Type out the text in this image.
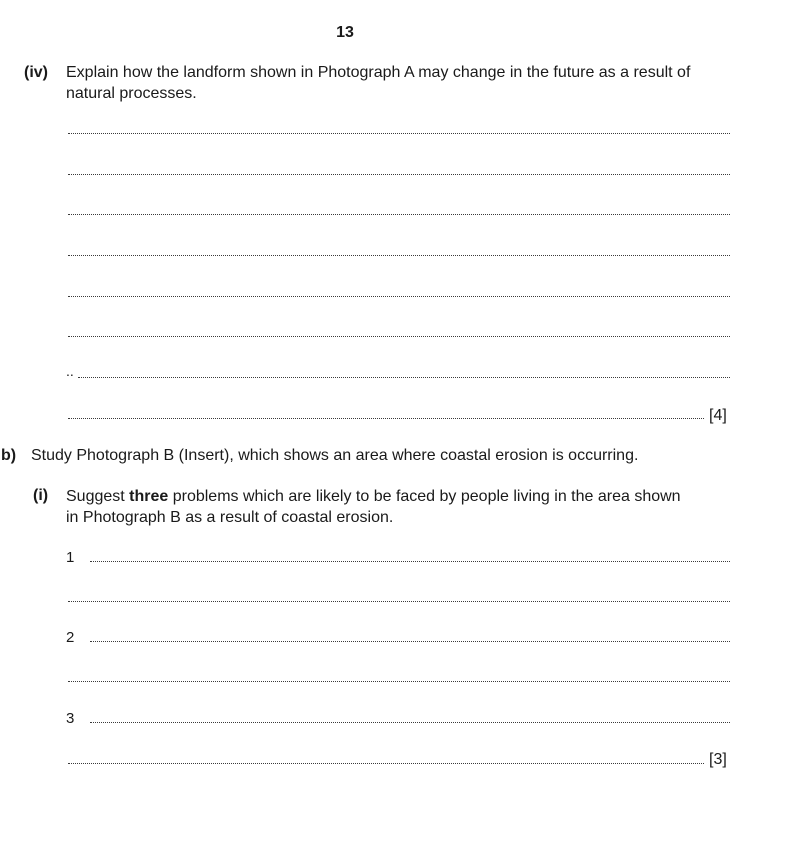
13
(iv) Explain how the landform shown in Photograph A may change in the future as a result of
natural processes.
..
[4]
b) Study Photograph B (Insert), which shows an area where coastal erosion is occurring.
(i) Suggest three problems which are likely to be faced by people living in the area shown
in Photograph B as a result of coastal erosion.
1
2
3
[3]
